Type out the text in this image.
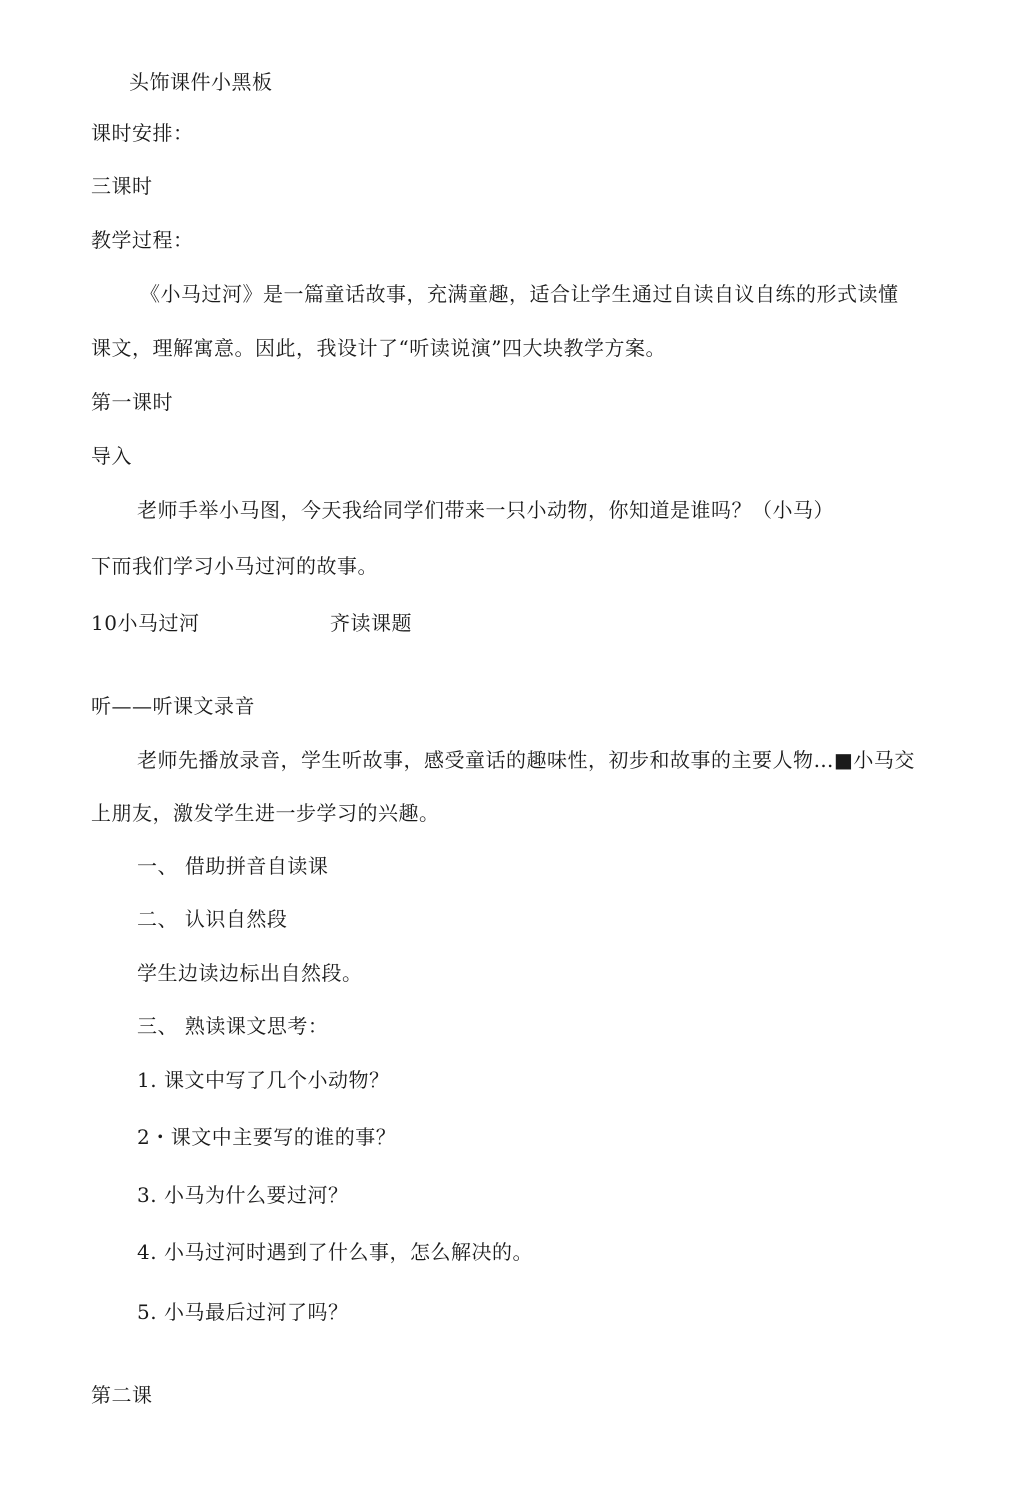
头饰课件小黑板
课时安排：
三课时
教学过程：
《小马过河》是一篇童话故事，充满童趣，适合让学生通过自读自议自练的形式读懂
课文，理解寓意。因此，我设计了“听读说演”四大块教学方案。
第一课时
导入
老师手举小马图，今天我给同学们带来一只小动物，你知道是谁吗？（小马）
下而我们学习小马过河的故事。
10小马过河	齐读课题
听——听课文录音
老师先播放录音，学生听故事，感受童话的趣味性，初步和故事的主要人物…■小马交
上朋友，激发学生进一步学习的兴趣。
一、 借助拼音自读课
二、 认识自然段
学生边读边标出自然段。
三、 熟读课文思考：
1. 课文中写了几个小动物？
2・课文中主要写的谁的事？
3. 小马为什么要过河？
4. 小马过河时遇到了什么事，怎么解决的。
5. 小马最后过河了吗？
第二课
